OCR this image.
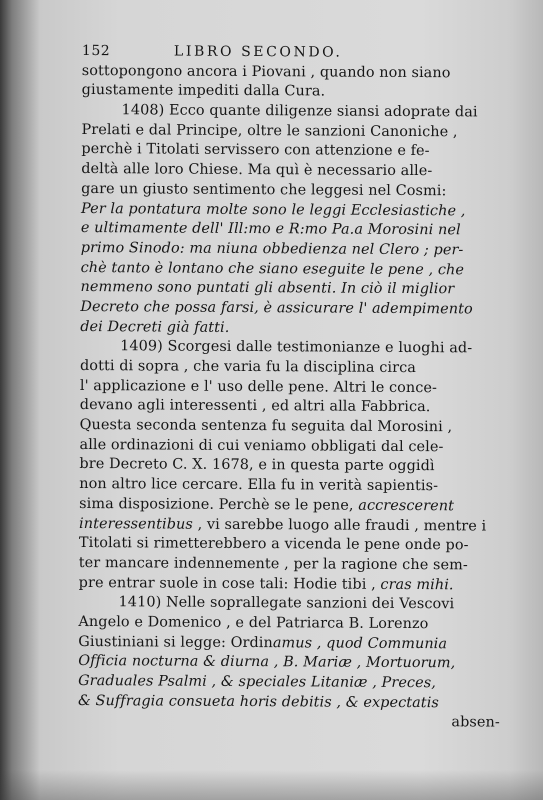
152	LIBRO SECONDO.
sottopongono ancora i Piovani , quando non siano
giustamente impediti dalla Cura.
1408) Ecco quante diligenze siansi adoprate dai
Prelati e dal Principe, oltre le sanzioni Canoniche ,
perchè i Titolati servissero con attenzione e fe-
deltà alle loro Chiese. Ma quì è necessario alle-
gare un giusto sentimento che leggesi nel Cosmi:
Per la pontatura molte sono le leggi Ecclesiastiche ,
e ultimamente dell' Ill:mo e R:mo Pa.a Morosini nel
primo Sinodo: ma niuna obbedienza nel Clero ; per-
chè tanto è lontano che siano eseguite le pene , che
nemmeno sono puntati gli absenti. In ciò il miglior
Decreto che possa farsi, è assicurare l' adempimento
dei Decreti già fatti.
1409) Scorgesi dalle testimonianze e luoghi ad-
dotti di sopra , che varia fu la disciplina circa
l' applicazione e l' uso delle pene. Altri le conce-
devano agli interessenti , ed altri alla Fabbrica.
Questa seconda sentenza fu seguita dal Morosini ,
alle ordinazioni di cui veniamo obbligati dal cele-
bre Decreto C. X. 1678, e in questa parte oggidì
non altro lice cercare. Ella fu in verità sapientis-
sima disposizione. Perchè se le pene, accrescerent
interessentibus , vi sarebbe luogo alle fraudi , mentre i
Titolati si rimetterebbero a vicenda le pene onde po-
ter mancare indennemente , per la ragione che sem-
pre entrar suole in cose tali: Hodie tibi , cras mihi.
1410) Nelle soprallegate sanzioni dei Vescovi
Angelo e Domenico , e del Patriarca B. Lorenzo
Giustiniani si legge: Ordinamus , quod Communia
Officia nocturna & diurna , B. Mariæ , Mortuorum,
Graduales Psalmi , & speciales Litaniæ , Preces,
& Suffragia consueta horis debitis , & expectatis
absen-
